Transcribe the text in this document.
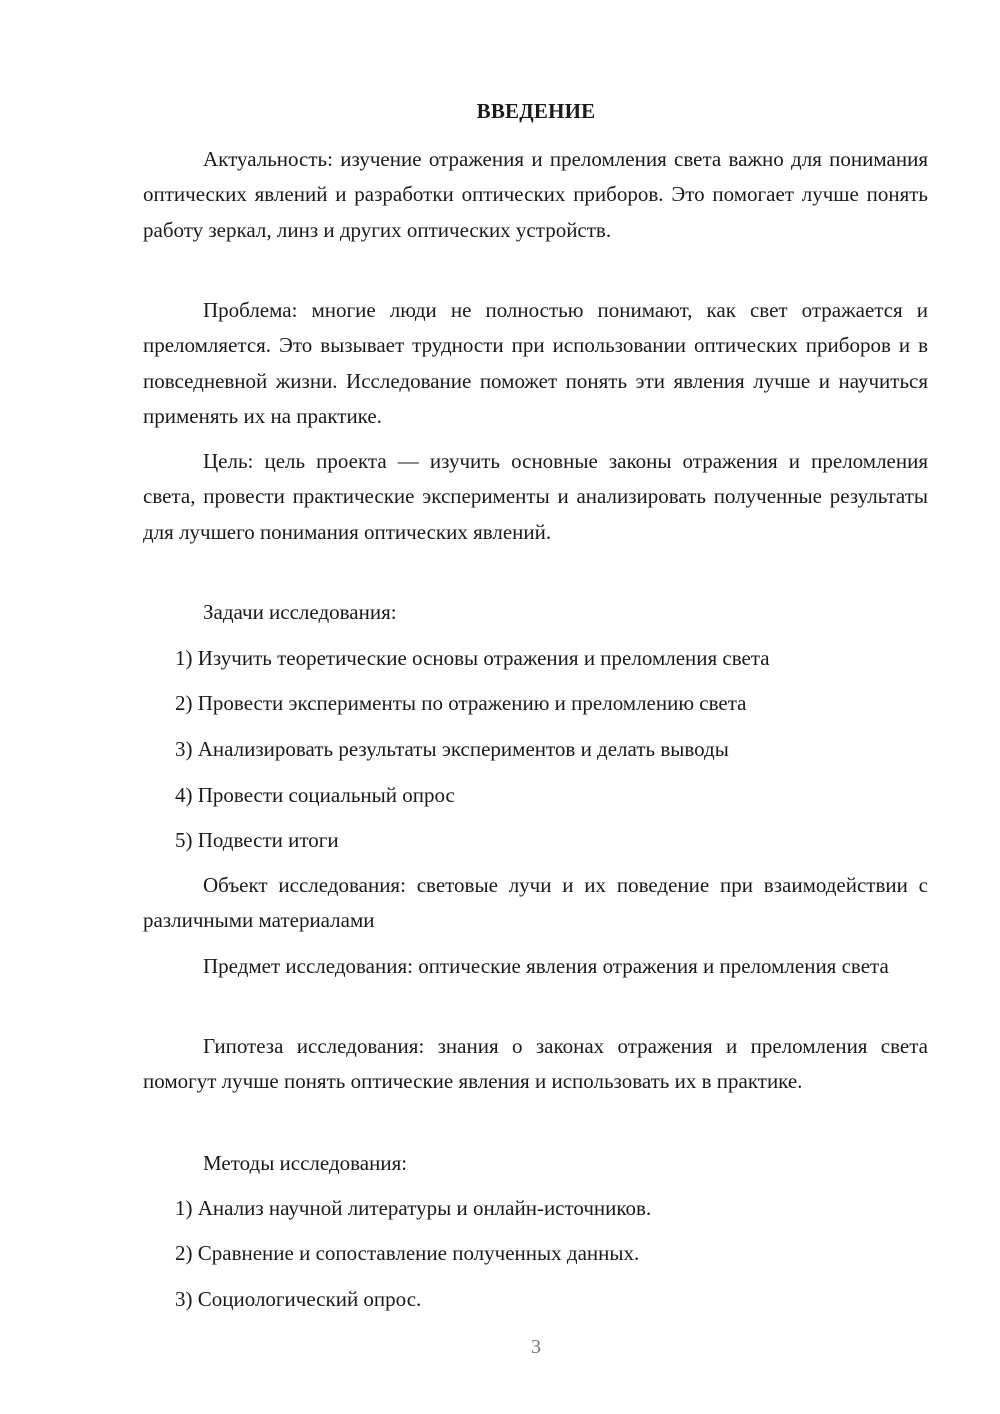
ВВЕДЕНИЕ

Актуальность: изучение отражения и преломления света важно для понимания оптических явлений и разработки оптических приборов. Это помогает лучше понять работу зеркал, линз и других оптических устройств.

Проблема: многие люди не полностью понимают, как свет отражается и преломляется. Это вызывает трудности при использовании оптических приборов и в повседневной жизни. Исследование поможет понять эти явления лучше и научиться применять их на практике.

Цель: цель проекта — изучить основные законы отражения и преломления света, провести практические эксперименты и анализировать полученные результаты для лучшего понимания оптических явлений.

Задачи исследования:

1) Изучить теоретические основы отражения и преломления света

2) Провести эксперименты по отражению и преломлению света

3) Анализировать результаты экспериментов и делать выводы

4) Провести социальный опрос

5) Подвести итоги

Объект исследования: световые лучи и их поведение при взаимодействии с различными материалами

Предмет исследования: оптические явления отражения и преломления света

Гипотеза исследования: знания о законах отражения и преломления света помогут лучше понять оптические явления и использовать их в практике.

Методы исследования:

1) Анализ научной литературы и онлайн-источников.

2) Сравнение и сопоставление полученных данных.

3) Социологический опрос.

3
